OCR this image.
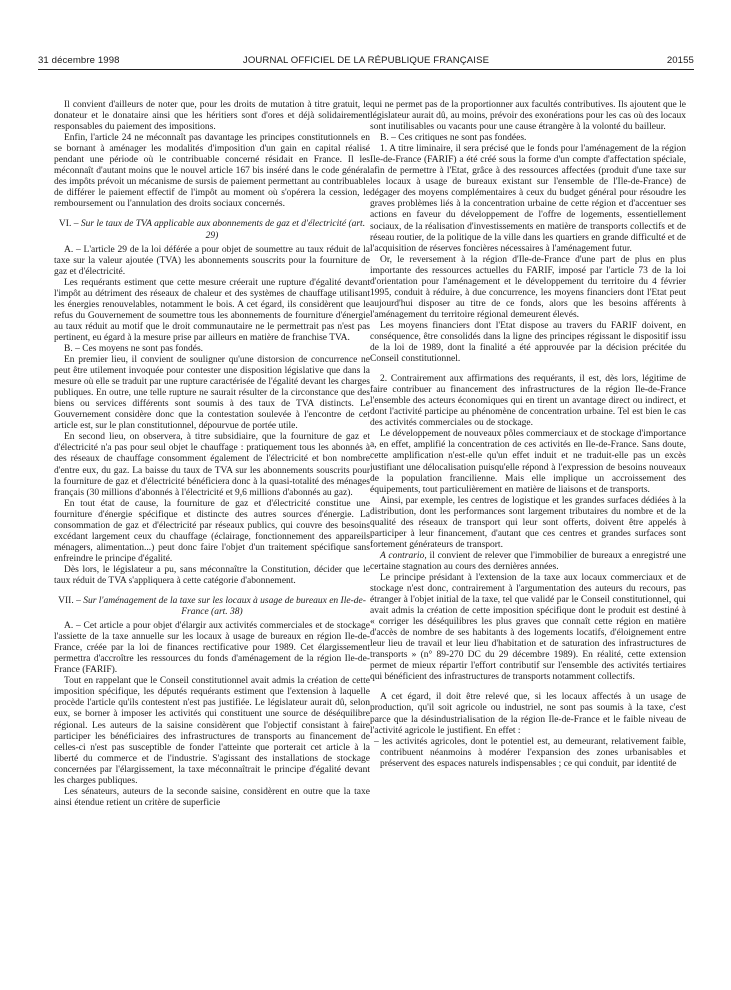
31 décembre 1998	JOURNAL OFFICIEL DE LA RÉPUBLIQUE FRANÇAISE	20155

Il convient d'ailleurs de noter que, pour les droits de mutation à titre gratuit, le donateur et le donataire ainsi que les héritiers sont d'ores et déjà solidairement responsables du paiement des impositions.

Enfin, l'article 24 ne méconnaît pas davantage les principes constitutionnels en se bornant à aménager les modalités d'imposition d'un gain en capital réalisé pendant une période où le contribuable concerné résidait en France. Il les méconnaît d'autant moins que le nouvel article 167 bis inséré dans le code général des impôts prévoit un mécanisme de sursis de paiement permettant au contribuable de différer le paiement effectif de l'impôt au moment où s'opérera la cession, le remboursement ou l'annulation des droits sociaux concernés.

VI. – Sur le taux de TVA applicable aux abonnements de gaz et d'électricité (art. 29)

A. – L'article 29 de la loi déférée a pour objet de soumettre au taux réduit de la taxe sur la valeur ajoutée (TVA) les abonnements souscrits pour la fourniture de gaz et d'électricité.

Les requérants estiment que cette mesure créerait une rupture d'égalité devant l'impôt au détriment des réseaux de chaleur et des systèmes de chauffage utilisant les énergies renouvelables, notamment le bois. A cet égard, ils considèrent que le refus du Gouvernement de soumettre tous les abonnements de fourniture d'énergie au taux réduit au motif que le droit communautaire ne le permettrait pas n'est pas pertinent, eu égard à la mesure prise par ailleurs en matière de franchise TVA.

B. – Ces moyens ne sont pas fondés.

En premier lieu, il convient de souligner qu'une distorsion de concurrence ne peut être utilement invoquée pour contester une disposition législative que dans la mesure où elle se traduit par une rupture caractérisée de l'égalité devant les charges publiques. En outre, une telle rupture ne saurait résulter de la circonstance que des biens ou services différents sont soumis à des taux de TVA distincts. Le Gouvernement considère donc que la contestation soulevée à l'encontre de cet article est, sur le plan constitutionnel, dépourvue de portée utile.

En second lieu, on observera, à titre subsidiaire, que la fourniture de gaz et d'électricité n'a pas pour seul objet le chauffage : pratiquement tous les abonnés à des réseaux de chauffage consomment également de l'électricité et bon nombre d'entre eux, du gaz. La baisse du taux de TVA sur les abonnements souscrits pour la fourniture de gaz et d'électricité bénéficiera donc à la quasi-totalité des ménages français (30 millions d'abonnés à l'électricité et 9,6 millions d'abonnés au gaz).

En tout état de cause, la fourniture de gaz et d'électricité constitue une fourniture d'énergie spécifique et distincte des autres sources d'énergie. La consommation de gaz et d'électricité par réseaux publics, qui couvre des besoins excédant largement ceux du chauffage (éclairage, fonctionnement des appareils ménagers, alimentation...) peut donc faire l'objet d'un traitement spécifique sans enfreindre le principe d'égalité.

Dès lors, le législateur a pu, sans méconnaître la Constitution, décider que le taux réduit de TVA s'appliquera à cette catégorie d'abonnement.

VII. – Sur l'aménagement de la taxe sur les locaux à usage de bureaux en Ile-de-France (art. 38)

A. – Cet article a pour objet d'élargir aux activités commerciales et de stockage l'assiette de la taxe annuelle sur les locaux à usage de bureaux en région Ile-de-France, créée par la loi de finances rectificative pour 1989. Cet élargissement permettra d'accroître les ressources du fonds d'aménagement de la région Ile-de-France (FARIF).

Tout en rappelant que le Conseil constitutionnel avait admis la création de cette imposition spécifique, les députés requérants estiment que l'extension à laquelle procède l'article qu'ils contestent n'est pas justifiée. Le législateur aurait dû, selon eux, se borner à imposer les activités qui constituent une source de déséquilibre régional. Les auteurs de la saisine considèrent que l'objectif consistant à faire participer les bénéficiaires des infrastructures de transports au financement de celles-ci n'est pas susceptible de fonder l'atteinte que porterait cet article à la liberté du commerce et de l'industrie. S'agissant des installations de stockage concernées par l'élargissement, la taxe méconnaîtrait le principe d'égalité devant les charges publiques.

Les sénateurs, auteurs de la seconde saisine, considèrent en outre que la taxe ainsi étendue retient un critère de superficie

qui ne permet pas de la proportionner aux facultés contributives. Ils ajoutent que le législateur aurait dû, au moins, prévoir des exonérations pour les cas où des locaux sont inutilisables ou vacants pour une cause étrangère à la volonté du bailleur.

B. – Ces critiques ne sont pas fondées.

1. A titre liminaire, il sera précisé que le fonds pour l'aménagement de la région Ile-de-France (FARIF) a été créé sous la forme d'un compte d'affectation spéciale, afin de permettre à l'Etat, grâce à des ressources affectées (produit d'une taxe sur les locaux à usage de bureaux existant sur l'ensemble de l'Ile-de-France) de dégager des moyens complémentaires à ceux du budget général pour résoudre les graves problèmes liés à la concentration urbaine de cette région et d'accentuer ses actions en faveur du développement de l'offre de logements, essentiellement sociaux, de la réalisation d'investissements en matière de transports collectifs et de réseau routier, de la politique de la ville dans les quartiers en grande difficulté et de l'acquisition de réserves foncières nécessaires à l'aménagement futur.

Or, le reversement à la région d'Ile-de-France d'une part de plus en plus importante des ressources actuelles du FARIF, imposé par l'article 73 de la loi d'orientation pour l'aménagement et le développement du territoire du 4 février 1995, conduit à réduire, à due concurrence, les moyens financiers dont l'Etat peut aujourd'hui disposer au titre de ce fonds, alors que les besoins afférents à l'aménagement du territoire régional demeurent élevés.

Les moyens financiers dont l'Etat dispose au travers du FARIF doivent, en conséquence, être consolidés dans la ligne des principes régissant le dispositif issu de la loi de 1989, dont la finalité a été approuvée par la décision précitée du Conseil constitutionnel.

2. Contrairement aux affirmations des requérants, il est, dès lors, légitime de faire contribuer au financement des infrastructures de la région Ile-de-France l'ensemble des acteurs économiques qui en tirent un avantage direct ou indirect, et dont l'activité participe au phénomène de concentration urbaine. Tel est bien le cas des activités commerciales ou de stockage.

Le développement de nouveaux pôles commerciaux et de stockage d'importance a, en effet, amplifié la concentration de ces activités en Ile-de-France. Sans doute, cette amplification n'est-elle qu'un effet induit et ne traduit-elle pas un excès justifiant une délocalisation puisqu'elle répond à l'expression de besoins nouveaux de la population francilienne. Mais elle implique un accroissement des équipements, tout particulièrement en matière de liaisons et de transports.

Ainsi, par exemple, les centres de logistique et les grandes surfaces dédiées à la distribution, dont les performances sont largement tributaires du nombre et de la qualité des réseaux de transport qui leur sont offerts, doivent être appelés à participer à leur financement, d'autant que ces centres et grandes surfaces sont fortement générateurs de transport.

A contrario, il convient de relever que l'immobilier de bureaux a enregistré une certaine stagnation au cours des dernières années.

Le principe présidant à l'extension de la taxe aux locaux commerciaux et de stockage n'est donc, contrairement à l'argumentation des auteurs du recours, pas étranger à l'objet initial de la taxe, tel que validé par le Conseil constitutionnel, qui avait admis la création de cette imposition spécifique dont le produit est destiné à « corriger les déséquilibres les plus graves que connaît cette région en matière d'accès de nombre de ses habitants à des logements locatifs, d'éloignement entre leur lieu de travail et leur lieu d'habitation et de saturation des infrastructures de transports » (n° 89-270 DC du 29 décembre 1989). En réalité, cette extension permet de mieux répartir l'effort contributif sur l'ensemble des activités tertiaires qui bénéficient des infrastructures de transports notamment collectifs.

A cet égard, il doit être relevé que, si les locaux affectés à un usage de production, qu'il soit agricole ou industriel, ne sont pas soumis à la taxe, c'est parce que la désindustrialisation de la région Ile-de-France et le faible niveau de l'activité agricole le justifient. En effet :

– les activités agricoles, dont le potentiel est, au demeurant, relativement faible, contribuent néanmoins à modérer l'expansion des zones urbanisables et préservent des espaces naturels indispensables ; ce qui conduit, par identité de
